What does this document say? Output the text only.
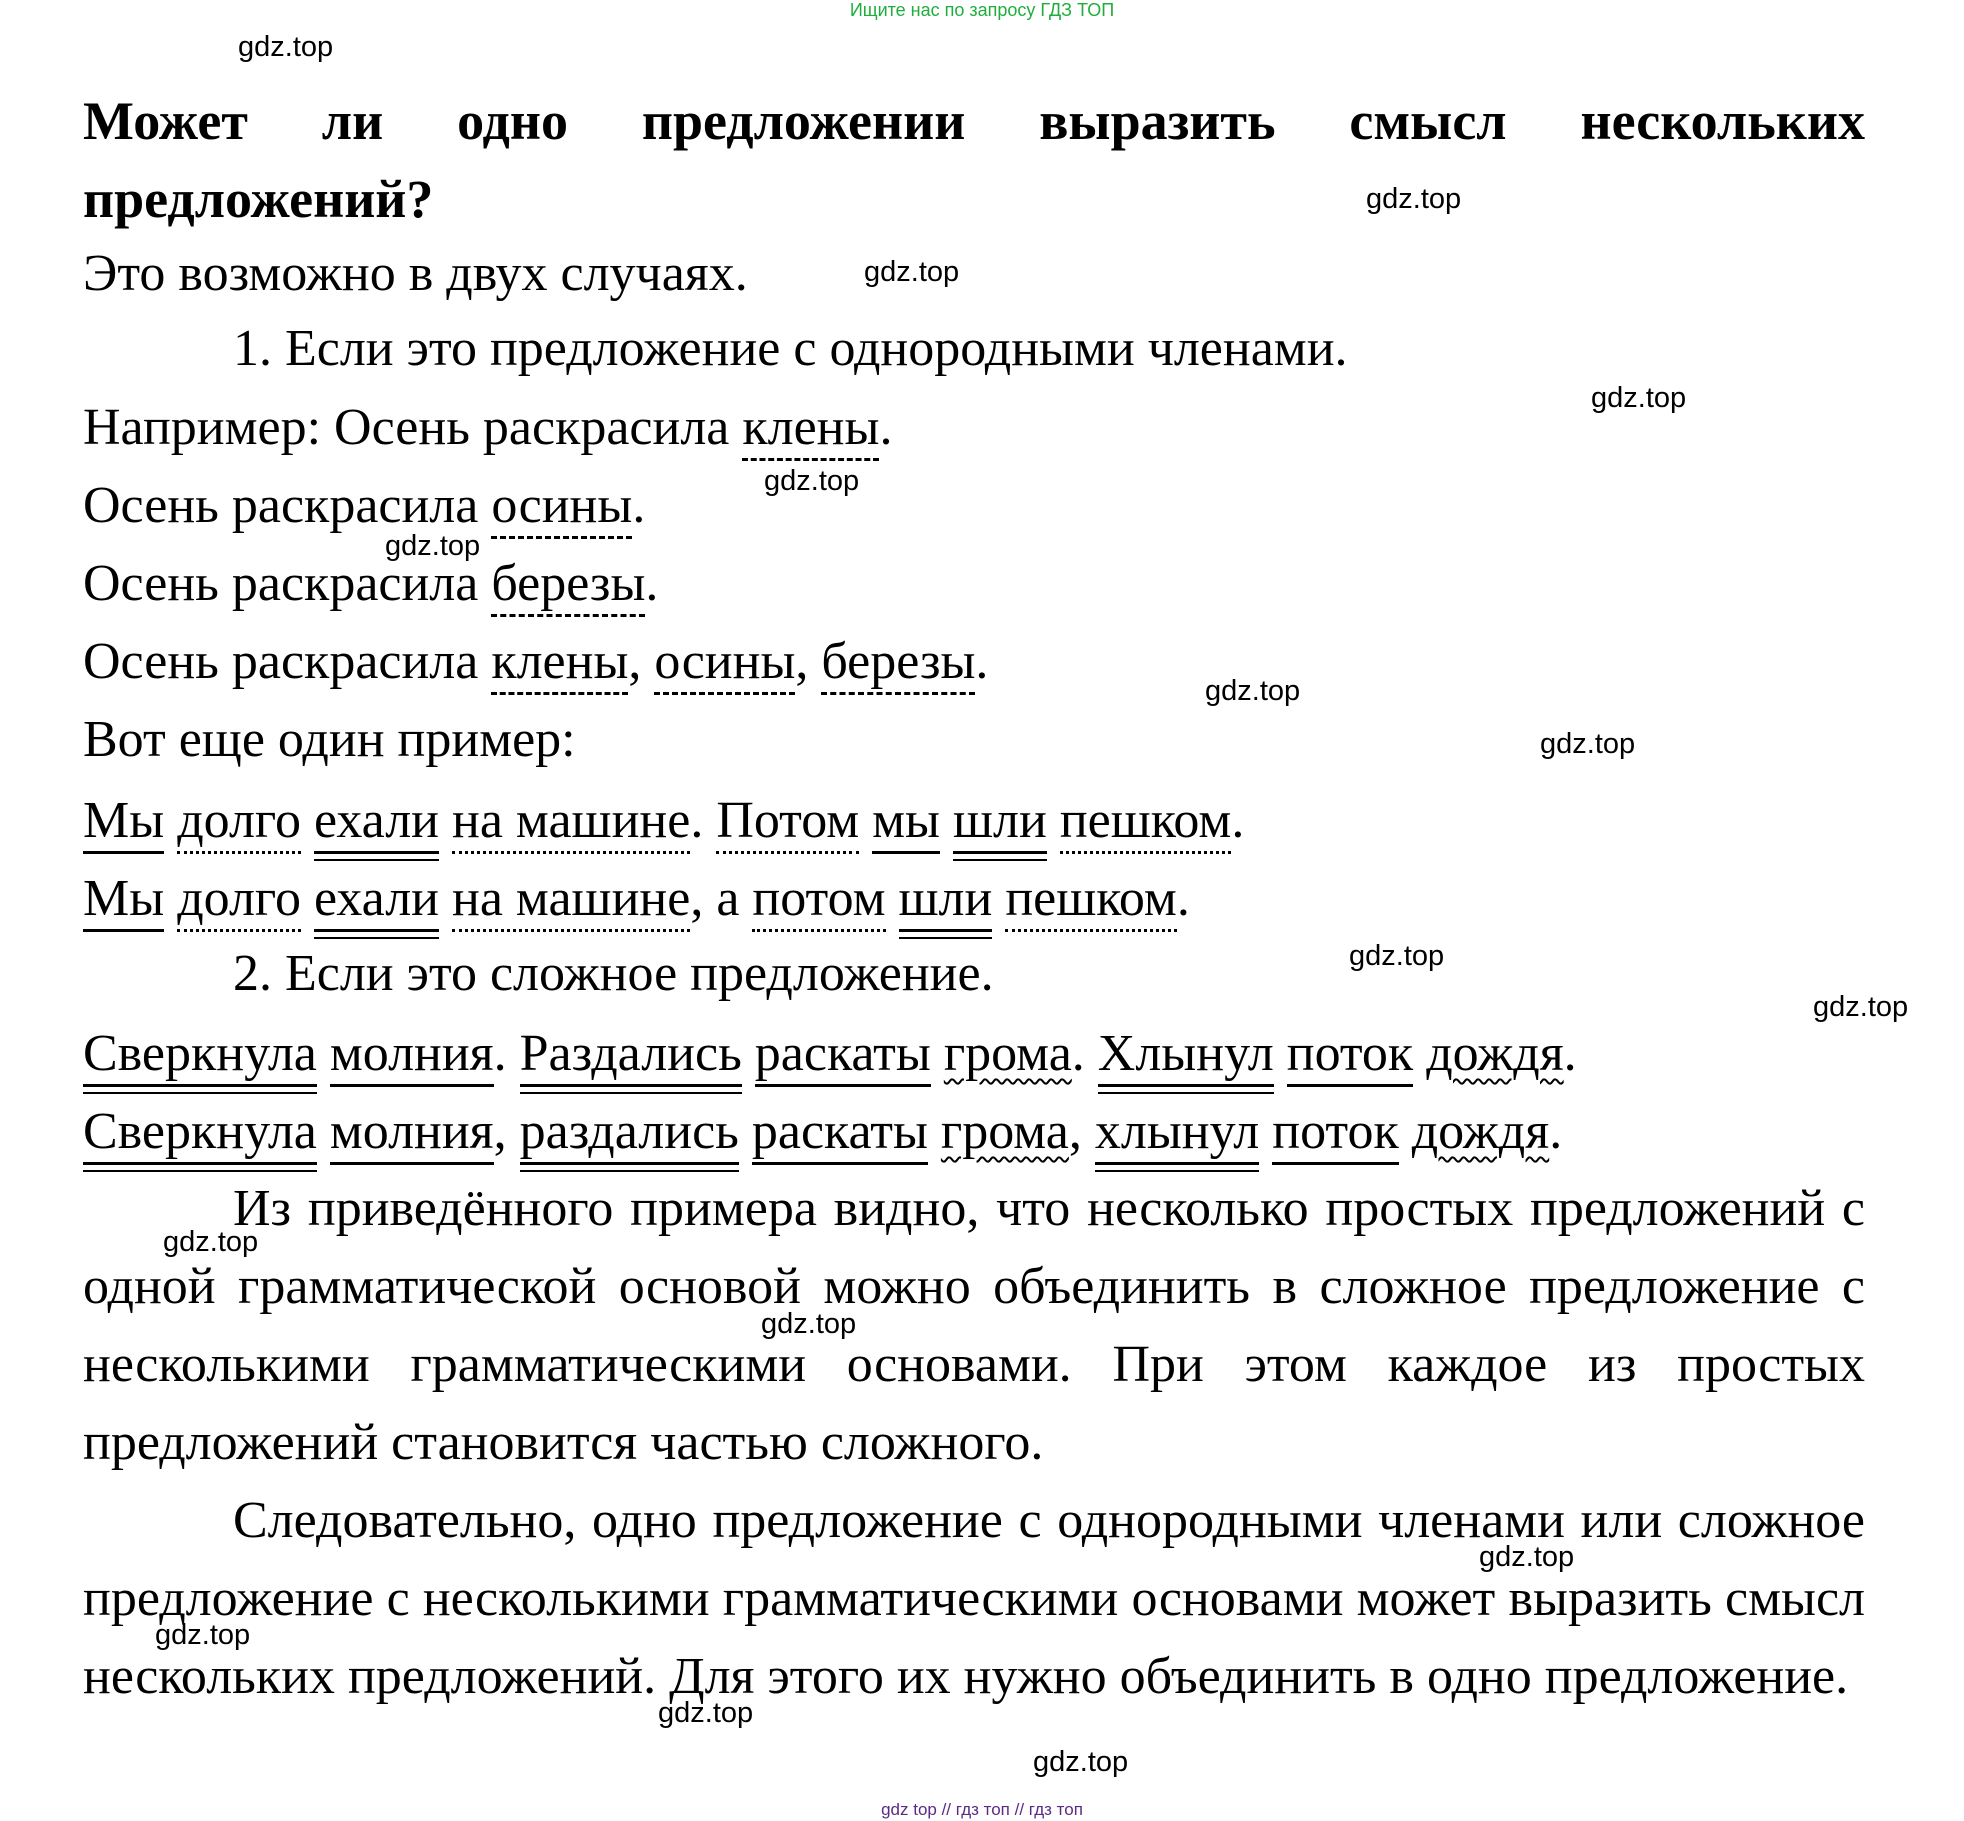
Ищите нас по запросу ГДЗ ТОП
Может ли одно предложении выразить смысл нескольких предложений?
Это возможно в двух случаях.
1. Если это предложение с однородными членами.
Например: Осень раскрасила клены.
Осень раскрасила осины.
Осень раскрасила березы.
Осень раскрасила клены, осины, березы.
Вот еще один пример:
Мы долго ехали на машине. Потом мы шли пешком.
Мы долго ехали на машине, а потом шли пешком.
2. Если это сложное предложение.
Сверкнула молния. Раздались раскаты грома. Хлынул поток дождя.
Сверкнула молния, раздались раскаты грома, хлынул поток дождя.
Из приведённого примера видно, что несколько простых предложений с одной грамматической основой можно объединить в сложное предложение с несколькими грамматическими основами. При этом каждое из простых предложений становится частью сложного.
Следовательно, одно предложение с однородными членами или сложное предложение с несколькими грамматическими основами может выразить смысл нескольких предложений. Для этого их нужно объединить в одно предложение.
gdz.top
gdz.top
gdz.top
gdz.top
gdz.top
gdz.top
gdz.top
gdz.top
gdz.top
gdz.top
gdz.top
gdz.top
gdz.top
gdz.top
gdz.top
gdz.top
gdz top // гдз топ // гдз топ
